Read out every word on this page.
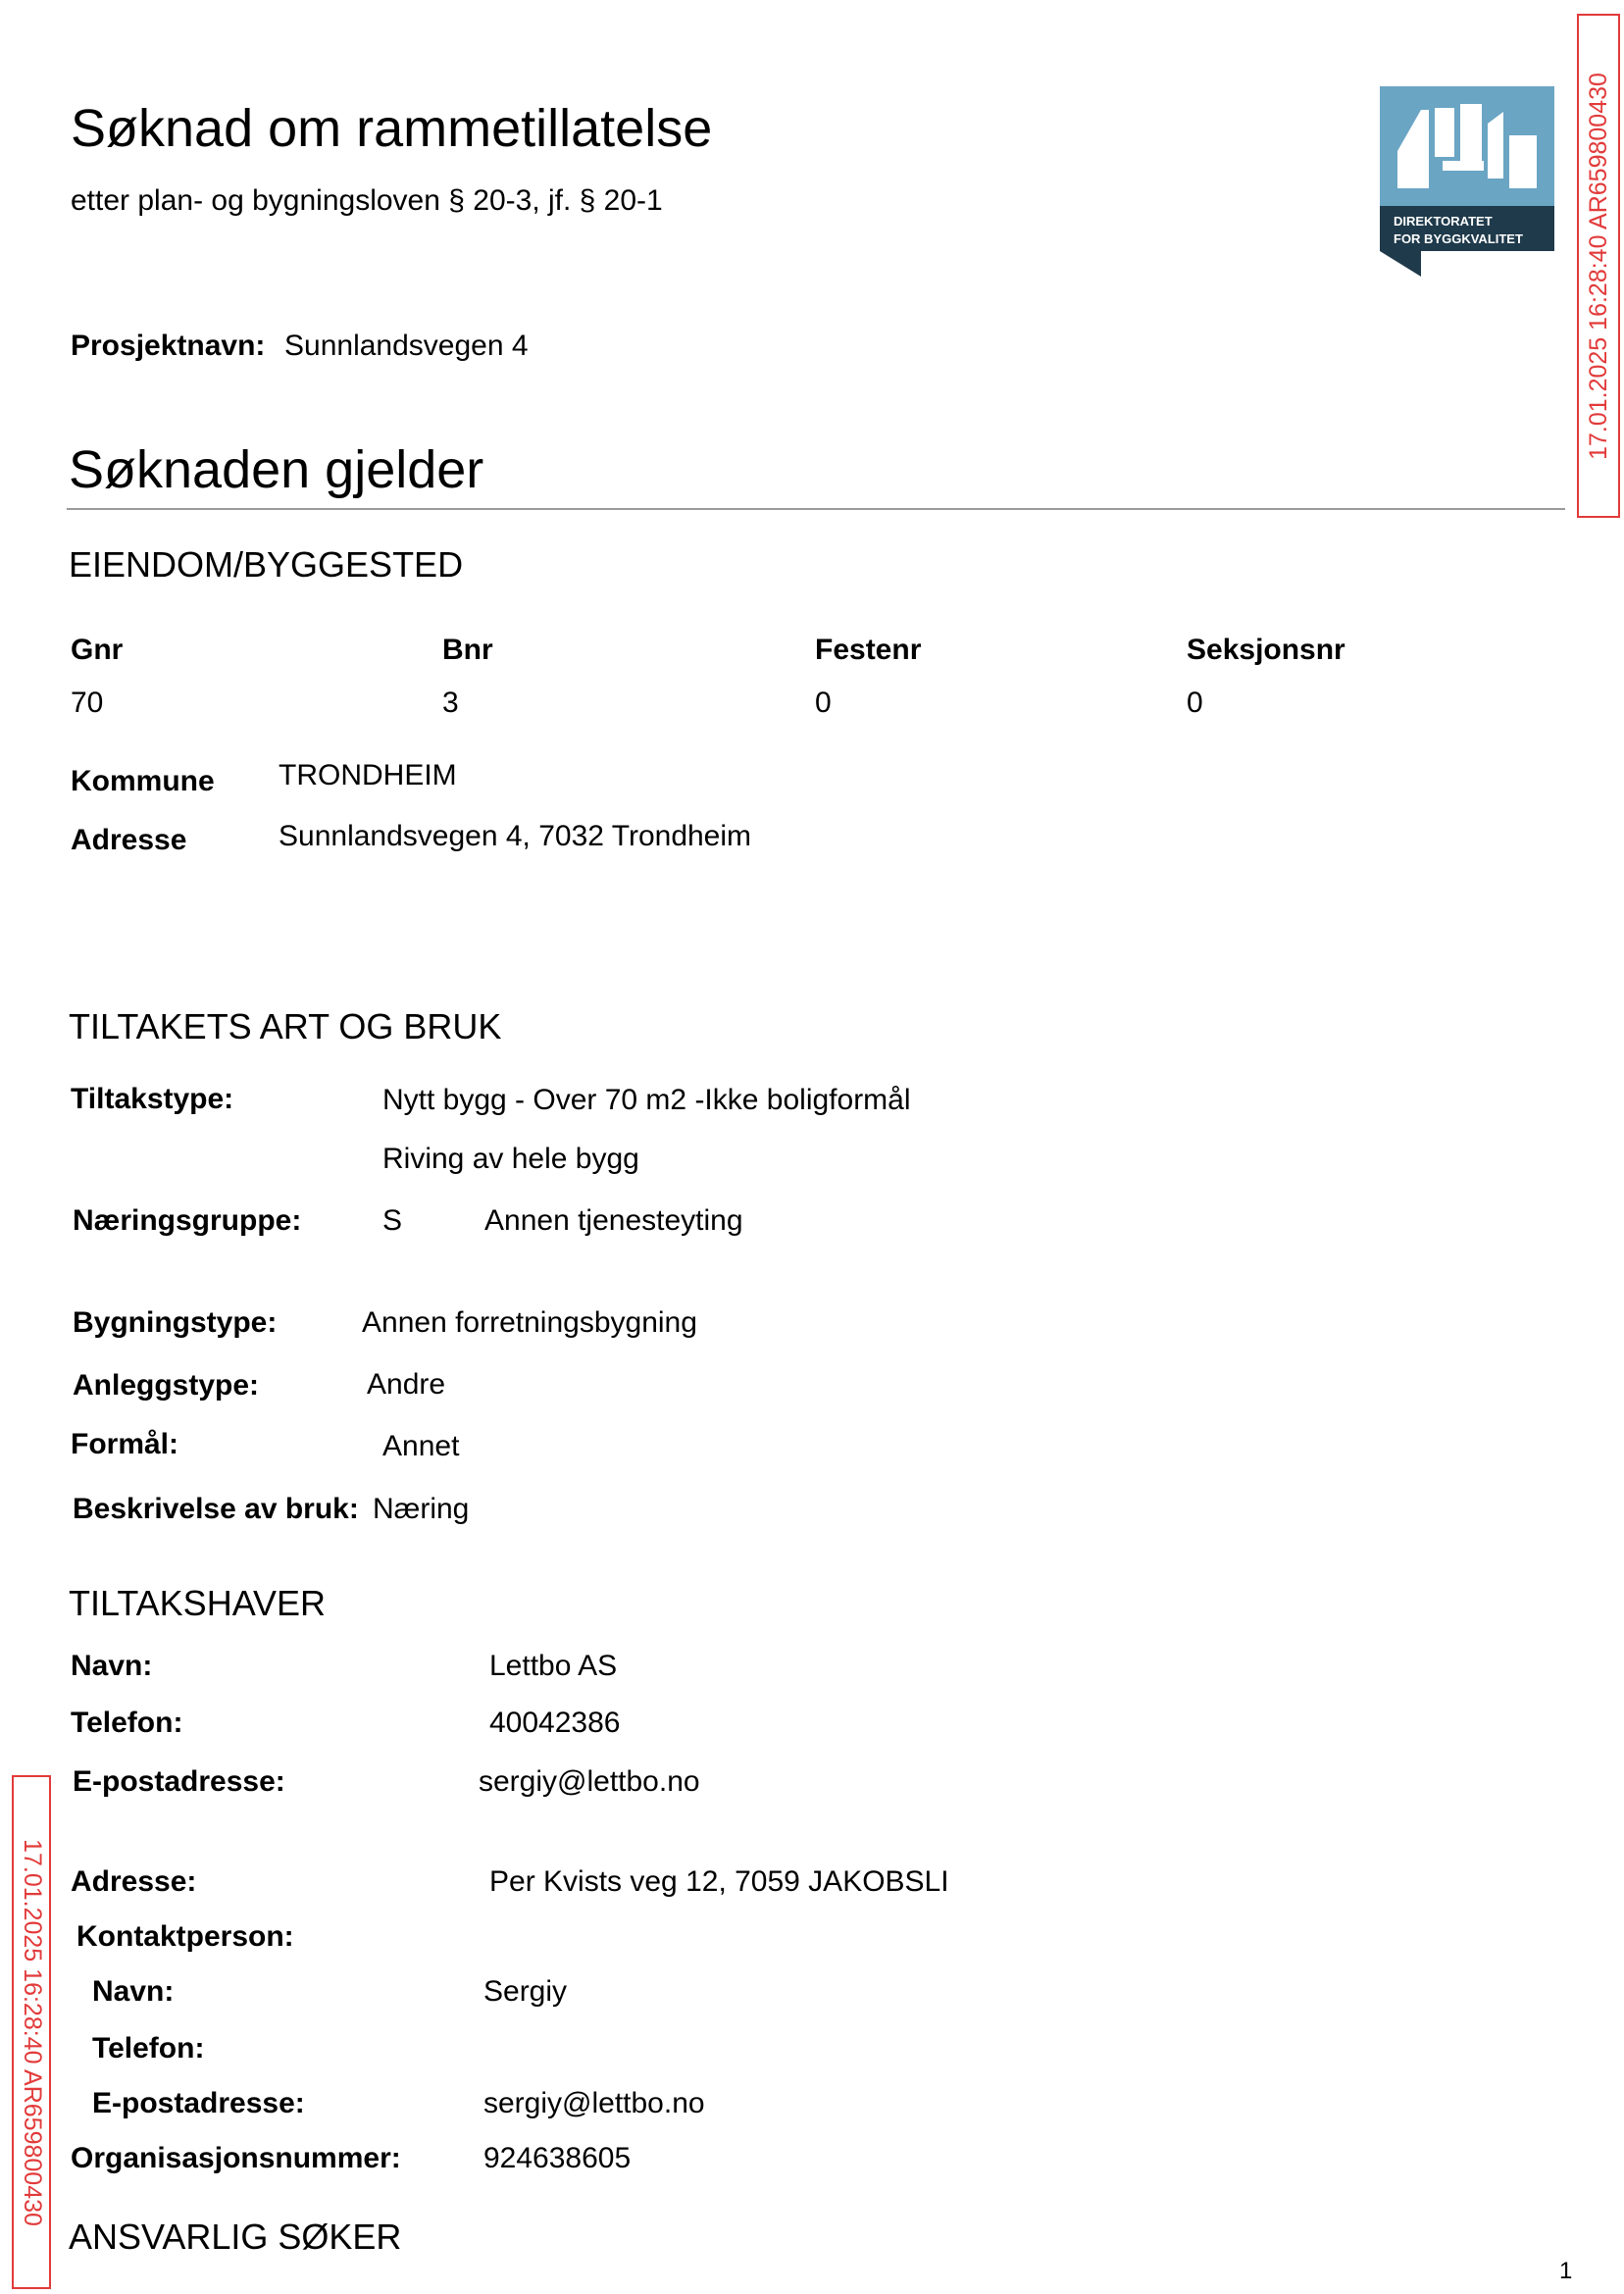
Søknad om rammetillatelse
etter plan- og bygningsloven § 20-3, jf. § 20-1
DIREKTORATET
FOR BYGGKVALITET	17.01.2025 16:28:40 AR659800430
17.01.2025 16:28:40 AR659800430
Prosjektnavn: Sunnlandsvegen 4
Søknaden gjelder
EIENDOM/BYGGESTED
Gnr	Bnr	Festenr	Seksjonsnr
70	3	0	0
Kommune TRONDHEIM
Adresse	Sunnlandsvegen 4, 7032 Trondheim
TILTAKETS ART OG BRUK
Tiltakstype:	Nytt bygg - Over 70 m2 -Ikke boligformål
Riving av hele bygg
Næringsgruppe:	S	Annen tjenesteyting
Bygningstype:	Annen forretningsbygning
Anleggstype:	Andre
Formål:	Annet
Beskrivelse av bruk: Næring
TILTAKSHAVER
Navn:	Lettbo AS
Telefon:	40042386
E-postadresse:	sergiy@lettbo.no
Adresse:	Per Kvists veg 12, 7059 JAKOBSLI
Kontaktperson:
Navn:	Sergiy
Telefon:
E-postadresse:	sergiy@lettbo.no
Organisasjonsnummer:	924638605
ANSVARLIG SØKER
1
